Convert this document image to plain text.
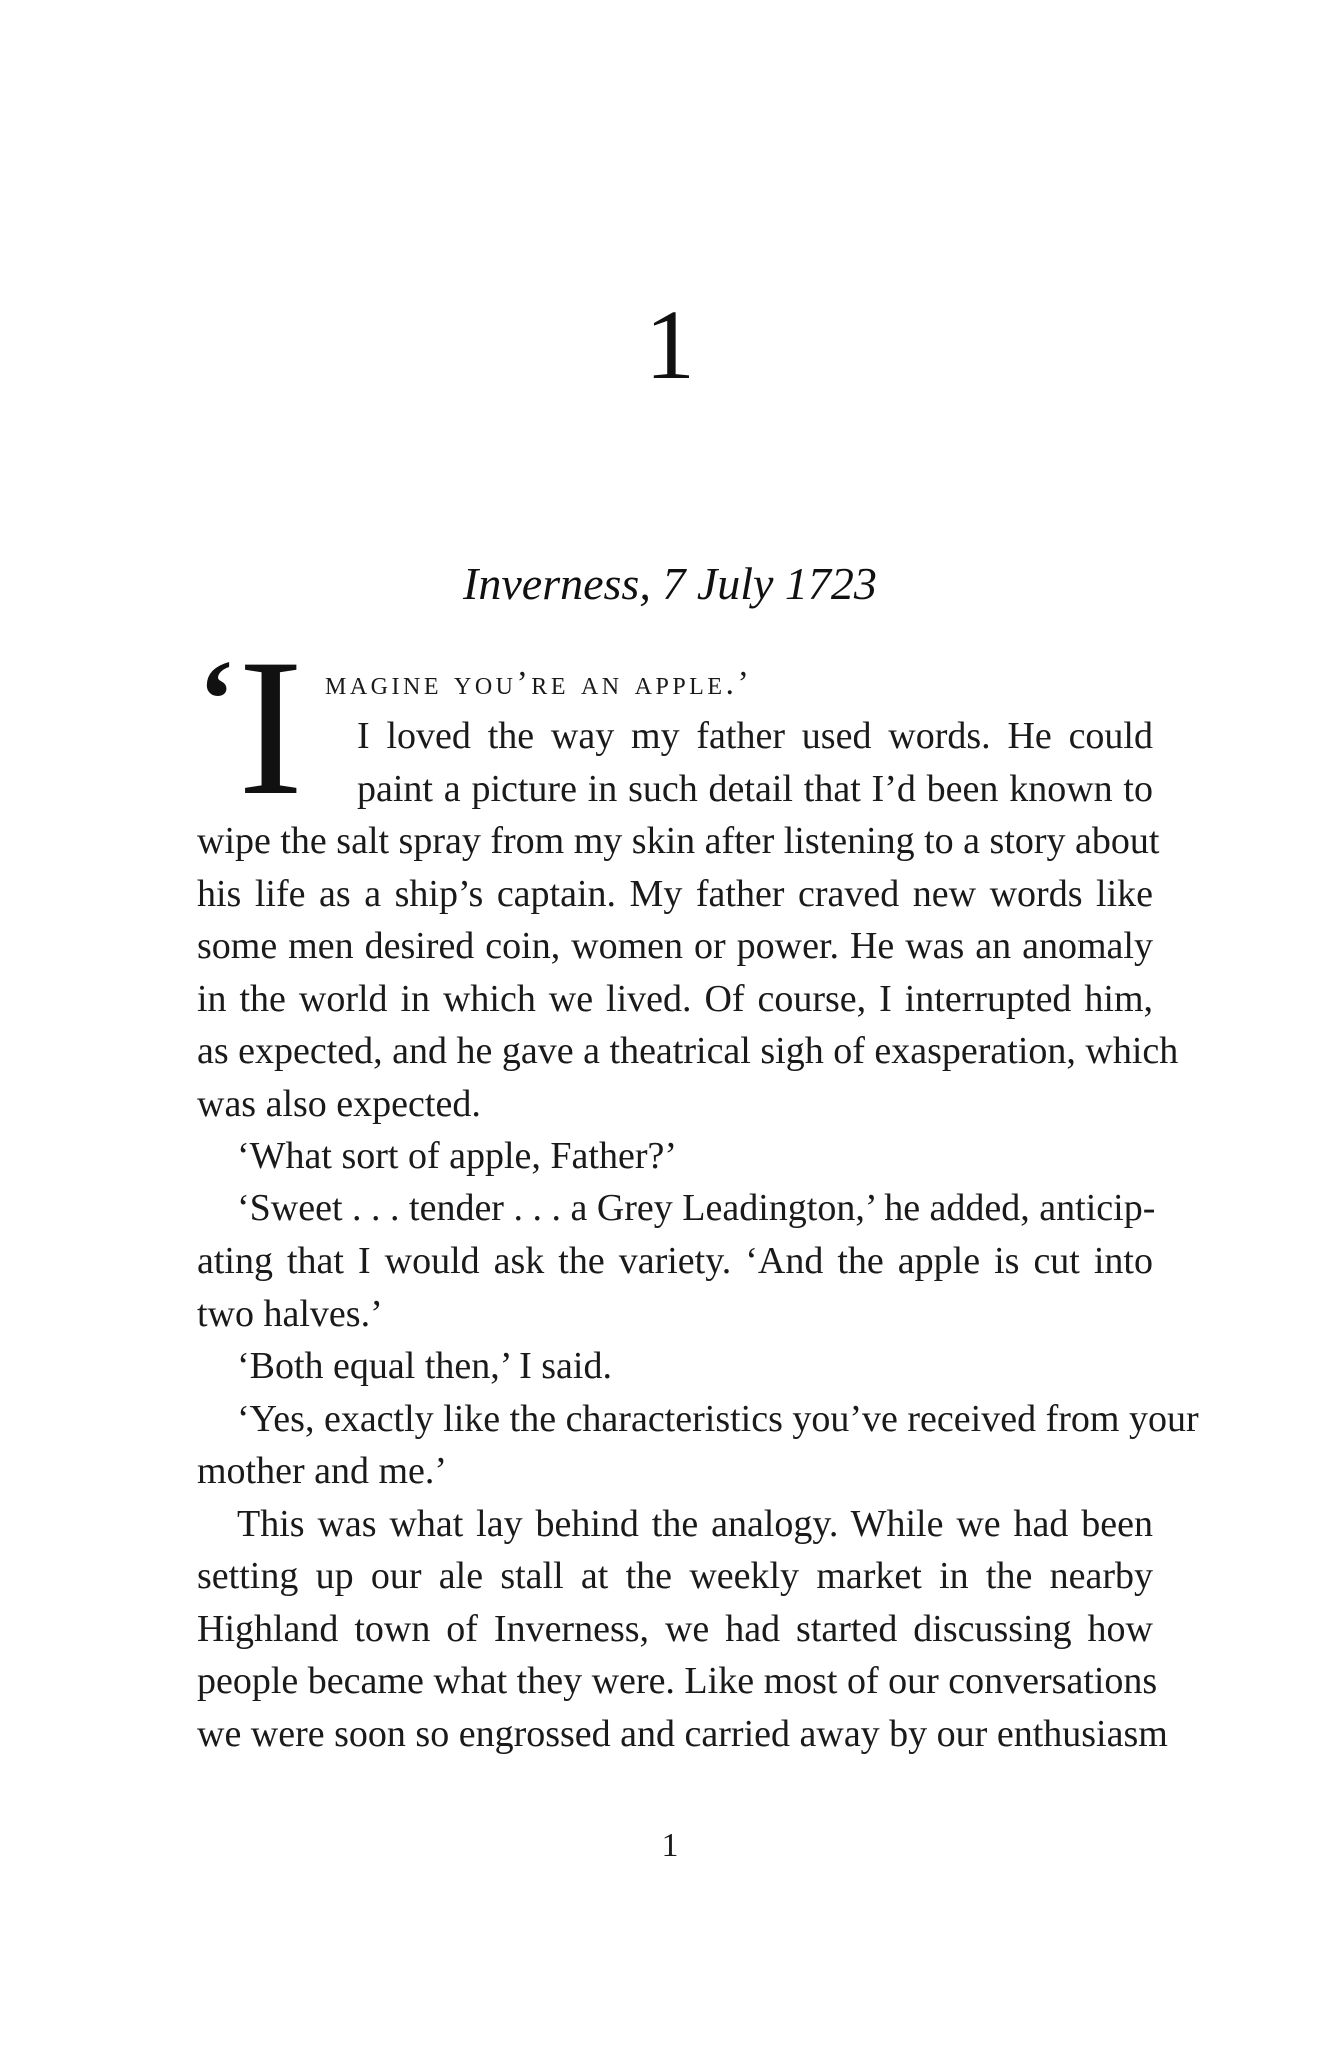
1
Inverness, 7 July 1723
‘ I magine you’re an apple.’
I loved the way my father used words. He could
paint a picture in such detail that I’d been known to
wipe the salt spray from my skin after listening to a story about
his life as a ship’s captain. My father craved new words like
some men desired coin, women or power. He was an anomaly
in the world in which we lived. Of course, I interrupted him,
as expected, and he gave a theatrical sigh of exasperation, which
was also expected.
‘What sort of apple, Father?’
‘Sweet . . . tender . . . a Grey Leadington,’ he added, anticip-
ating that I would ask the variety. ‘And the apple is cut into
two halves.’
‘Both equal then,’ I said.
‘Yes, exactly like the characteristics you’ve received from your
mother and me.’
This was what lay behind the analogy. While we had been
setting up our ale stall at the weekly market in the nearby
Highland town of Inverness, we had started discussing how
people became what they were. Like most of our conversations
we were soon so engrossed and carried away by our enthusiasm
1
